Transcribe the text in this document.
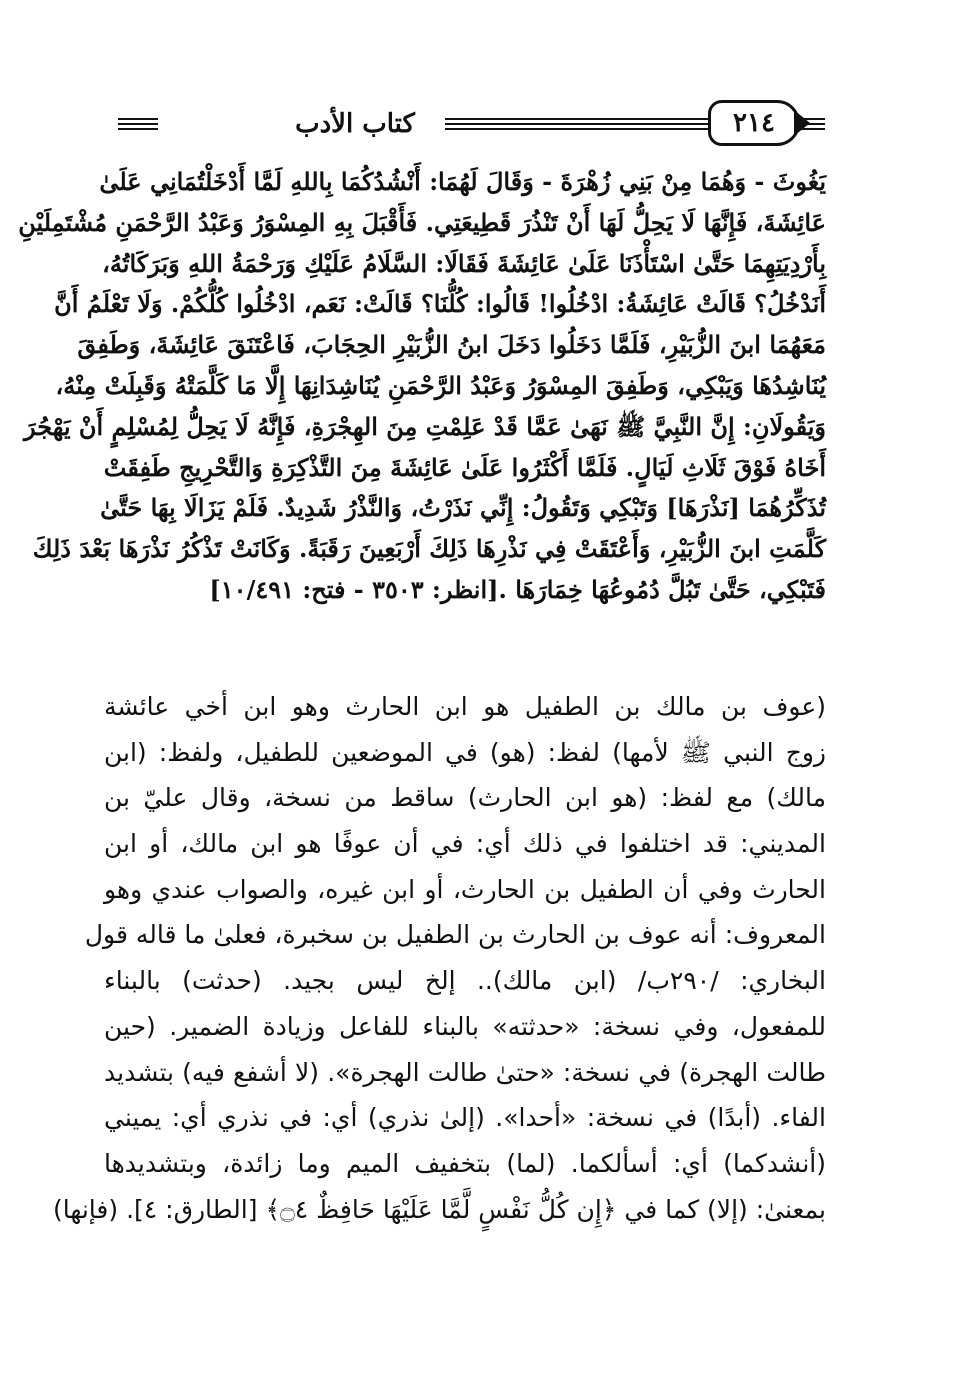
كتاب الأدب	٢١٤
يَغُوثَ - وَهُمَا مِنْ بَنِي زُهْرَةَ - وَقَالَ لَهُمَا: أَنْشُدُكُمَا بِاللهِ لَمَّا أَدْخَلْتُمَانِي عَلَىٰ
عَائِشَةَ، فَإِنَّهَا لَا يَحِلُّ لَهَا أَنْ تَنْذُرَ قَطِيعَتِي. فَأَقْبَلَ بِهِ المِسْوَرُ وَعَبْدُ الرَّحْمَنِ مُشْتَمِلَيْنِ
بِأَرْدِيَتِهِمَا حَتَّىٰ اسْتَأْذَنَا عَلَىٰ عَائِشَةَ فَقَالَا: السَّلَامُ عَلَيْكِ وَرَحْمَةُ اللهِ وَبَرَكَاتُهُ،
أَنَدْخُلُ؟ قَالَتْ عَائِشَةُ: ادْخُلُوا! قَالُوا: كُلُّنَا؟ قَالَتْ: نَعَم، ادْخُلُوا كُلُّكُمْ. وَلَا تَعْلَمُ أَنَّ
مَعَهُمَا ابنَ الزُّبَيْرِ، فَلَمَّا دَخَلُوا دَخَلَ ابنُ الزُّبَيْرِ الحِجَابَ، فَاعْتَنَقَ عَائِشَةَ، وَطَفِقَ
يُنَاشِدُهَا وَيَبْكِي، وَطَفِقَ المِسْوَرُ وَعَبْدُ الرَّحْمَنِ يُنَاشِدَانِهَا إِلَّا مَا كَلَّمَتْهُ وَقَبِلَتْ مِنْهُ،
وَيَقُولَانِ: إِنَّ النَّبِيَّ ﷺ نَهَىٰ عَمَّا قَدْ عَلِمْتِ مِنَ الهِجْرَةِ، فَإِنَّهُ لَا يَحِلُّ لِمُسْلِمٍ أَنْ يَهْجُرَ
أَخَاهُ فَوْقَ ثَلَاثِ لَيَالٍ. فَلَمَّا أَكْثَرُوا عَلَىٰ عَائِشَةَ مِنَ التَّذْكِرَةِ وَالتَّحْرِيجِ طَفِقَتْ
تُذَكِّرُهُمَا [نَذْرَهَا] وَتَبْكِي وَتَقُولُ: إِنِّي نَذَرْتُ، وَالنَّذْرُ شَدِيدٌ. فَلَمْ يَزَالَا بِهَا حَتَّىٰ
كَلَّمَتِ ابنَ الزُّبَيْرِ، وَأَعْتَقَتْ فِي نَذْرِهَا ذَلِكَ أَرْبَعِينَ رَقَبَةً. وَكَانَتْ تَذْكُرُ نَذْرَهَا بَعْدَ ذَلِكَ
فَتَبْكِي، حَتَّىٰ تَبُلَّ دُمُوعُهَا خِمَارَهَا .[انظر: ٣٥٠٣ - فتح: ١٠/٤٩١]
(عوف بن مالك بن الطفيل هو ابن الحارث وهو ابن أخي عائشة
زوج النبي ﷺ لأمها) لفظ: (هو) في الموضعين للطفيل، ولفظ: (ابن
مالك) مع لفظ: (هو ابن الحارث) ساقط من نسخة، وقال عليّ بن
المديني: قد اختلفوا في ذلك أي: في أن عوفًا هو ابن مالك، أو ابن
الحارث وفي أن الطفيل بن الحارث، أو ابن غيره، والصواب عندي وهو
المعروف: أنه عوف بن الحارث بن الطفيل بن سخبرة، فعلىٰ ما قاله قول
البخاري: /٢٩٠ب/ (ابن مالك).. إلخ ليس بجيد. (حدثت) بالبناء
للمفعول، وفي نسخة: «حدثته» بالبناء للفاعل وزيادة الضمير. (حين
طالت الهجرة) في نسخة: «حتىٰ طالت الهجرة». (لا أشفع فيه) بتشديد
الفاء. (أبدًا) في نسخة: «أحدا». (إلىٰ نذري) أي: في نذري أي: يميني
(أنشدكما) أي: أسألكما. (لما) بتخفيف الميم وما زائدة، وبتشديدها
بمعنىٰ: (إلا) كما في ﴿إِن كُلُّ نَفْسٍ لَّمَّا عَلَيْهَا حَافِظٌ ۝٤﴾ [الطارق: ٤]. (فإنها)
